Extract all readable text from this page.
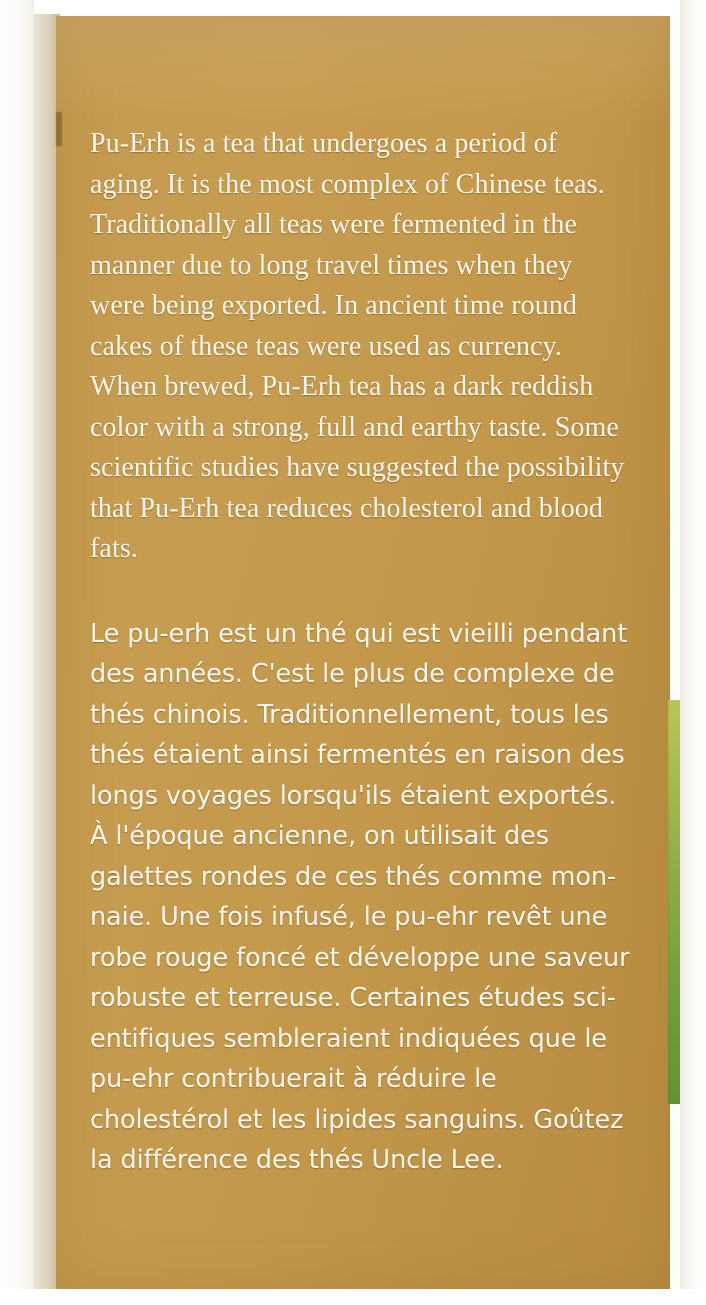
Pu-Erh is a tea that undergoes a period of aging. It is the most complex of Chinese teas. Traditionally all teas were fermented in the manner due to long travel times when they were being exported. In ancient time round cakes of these teas were used as currency. When brewed, Pu-Erh tea has a dark reddish color with a strong, full and earthy taste. Some scientific studies have suggested the possibility that Pu-Erh tea reduces cholesterol and blood fats.

Le pu-erh est un thé qui est vieilli pendant des années. C'est le plus de complexe de thés chinois. Traditionnellement, tous les thés étaient ainsi fermentés en raison des longs voyages lorsqu'ils étaient exportés. À l'époque ancienne, on utilisait des galettes rondes de ces thés comme mon-naie. Une fois infusé, le pu-ehr revêt une robe rouge foncé et développe une saveur robuste et terreuse. Certaines études sci-entifiques sembleraient indiquées que le pu-ehr contribuerait à réduire le cholestérol et les lipides sanguins. Goûtez la différence des thés Uncle Lee.
